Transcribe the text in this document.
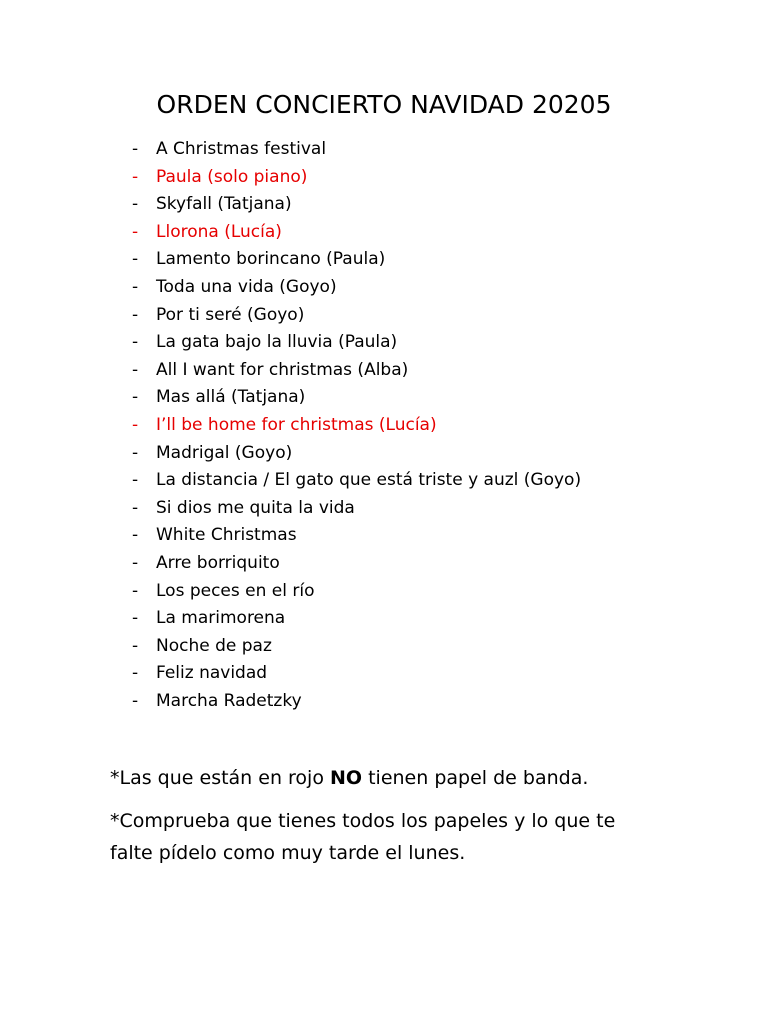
ORDEN CONCIERTO NAVIDAD 20205
- A Christmas festival
- Paula (solo piano)
- Skyfall (Tatjana)
- Llorona (Lucía)
- Lamento borincano (Paula)
- Toda una vida (Goyo)
- Por ti seré (Goyo)
- La gata bajo la lluvia (Paula)
- All I want for christmas (Alba)
- Mas allá (Tatjana)
- I’ll be home for christmas (Lucía)
- Madrigal (Goyo)
- La distancia / El gato que está triste y auzl (Goyo)
- Si dios me quita la vida
- White Christmas
- Arre borriquito
- Los peces en el río
- La marimorena
- Noche de paz
- Feliz navidad
- Marcha Radetzky

*Las que están en rojo NO tienen papel de banda.

*Comprueba que tienes todos los papeles y lo que te
falte pídelo como muy tarde el lunes.
